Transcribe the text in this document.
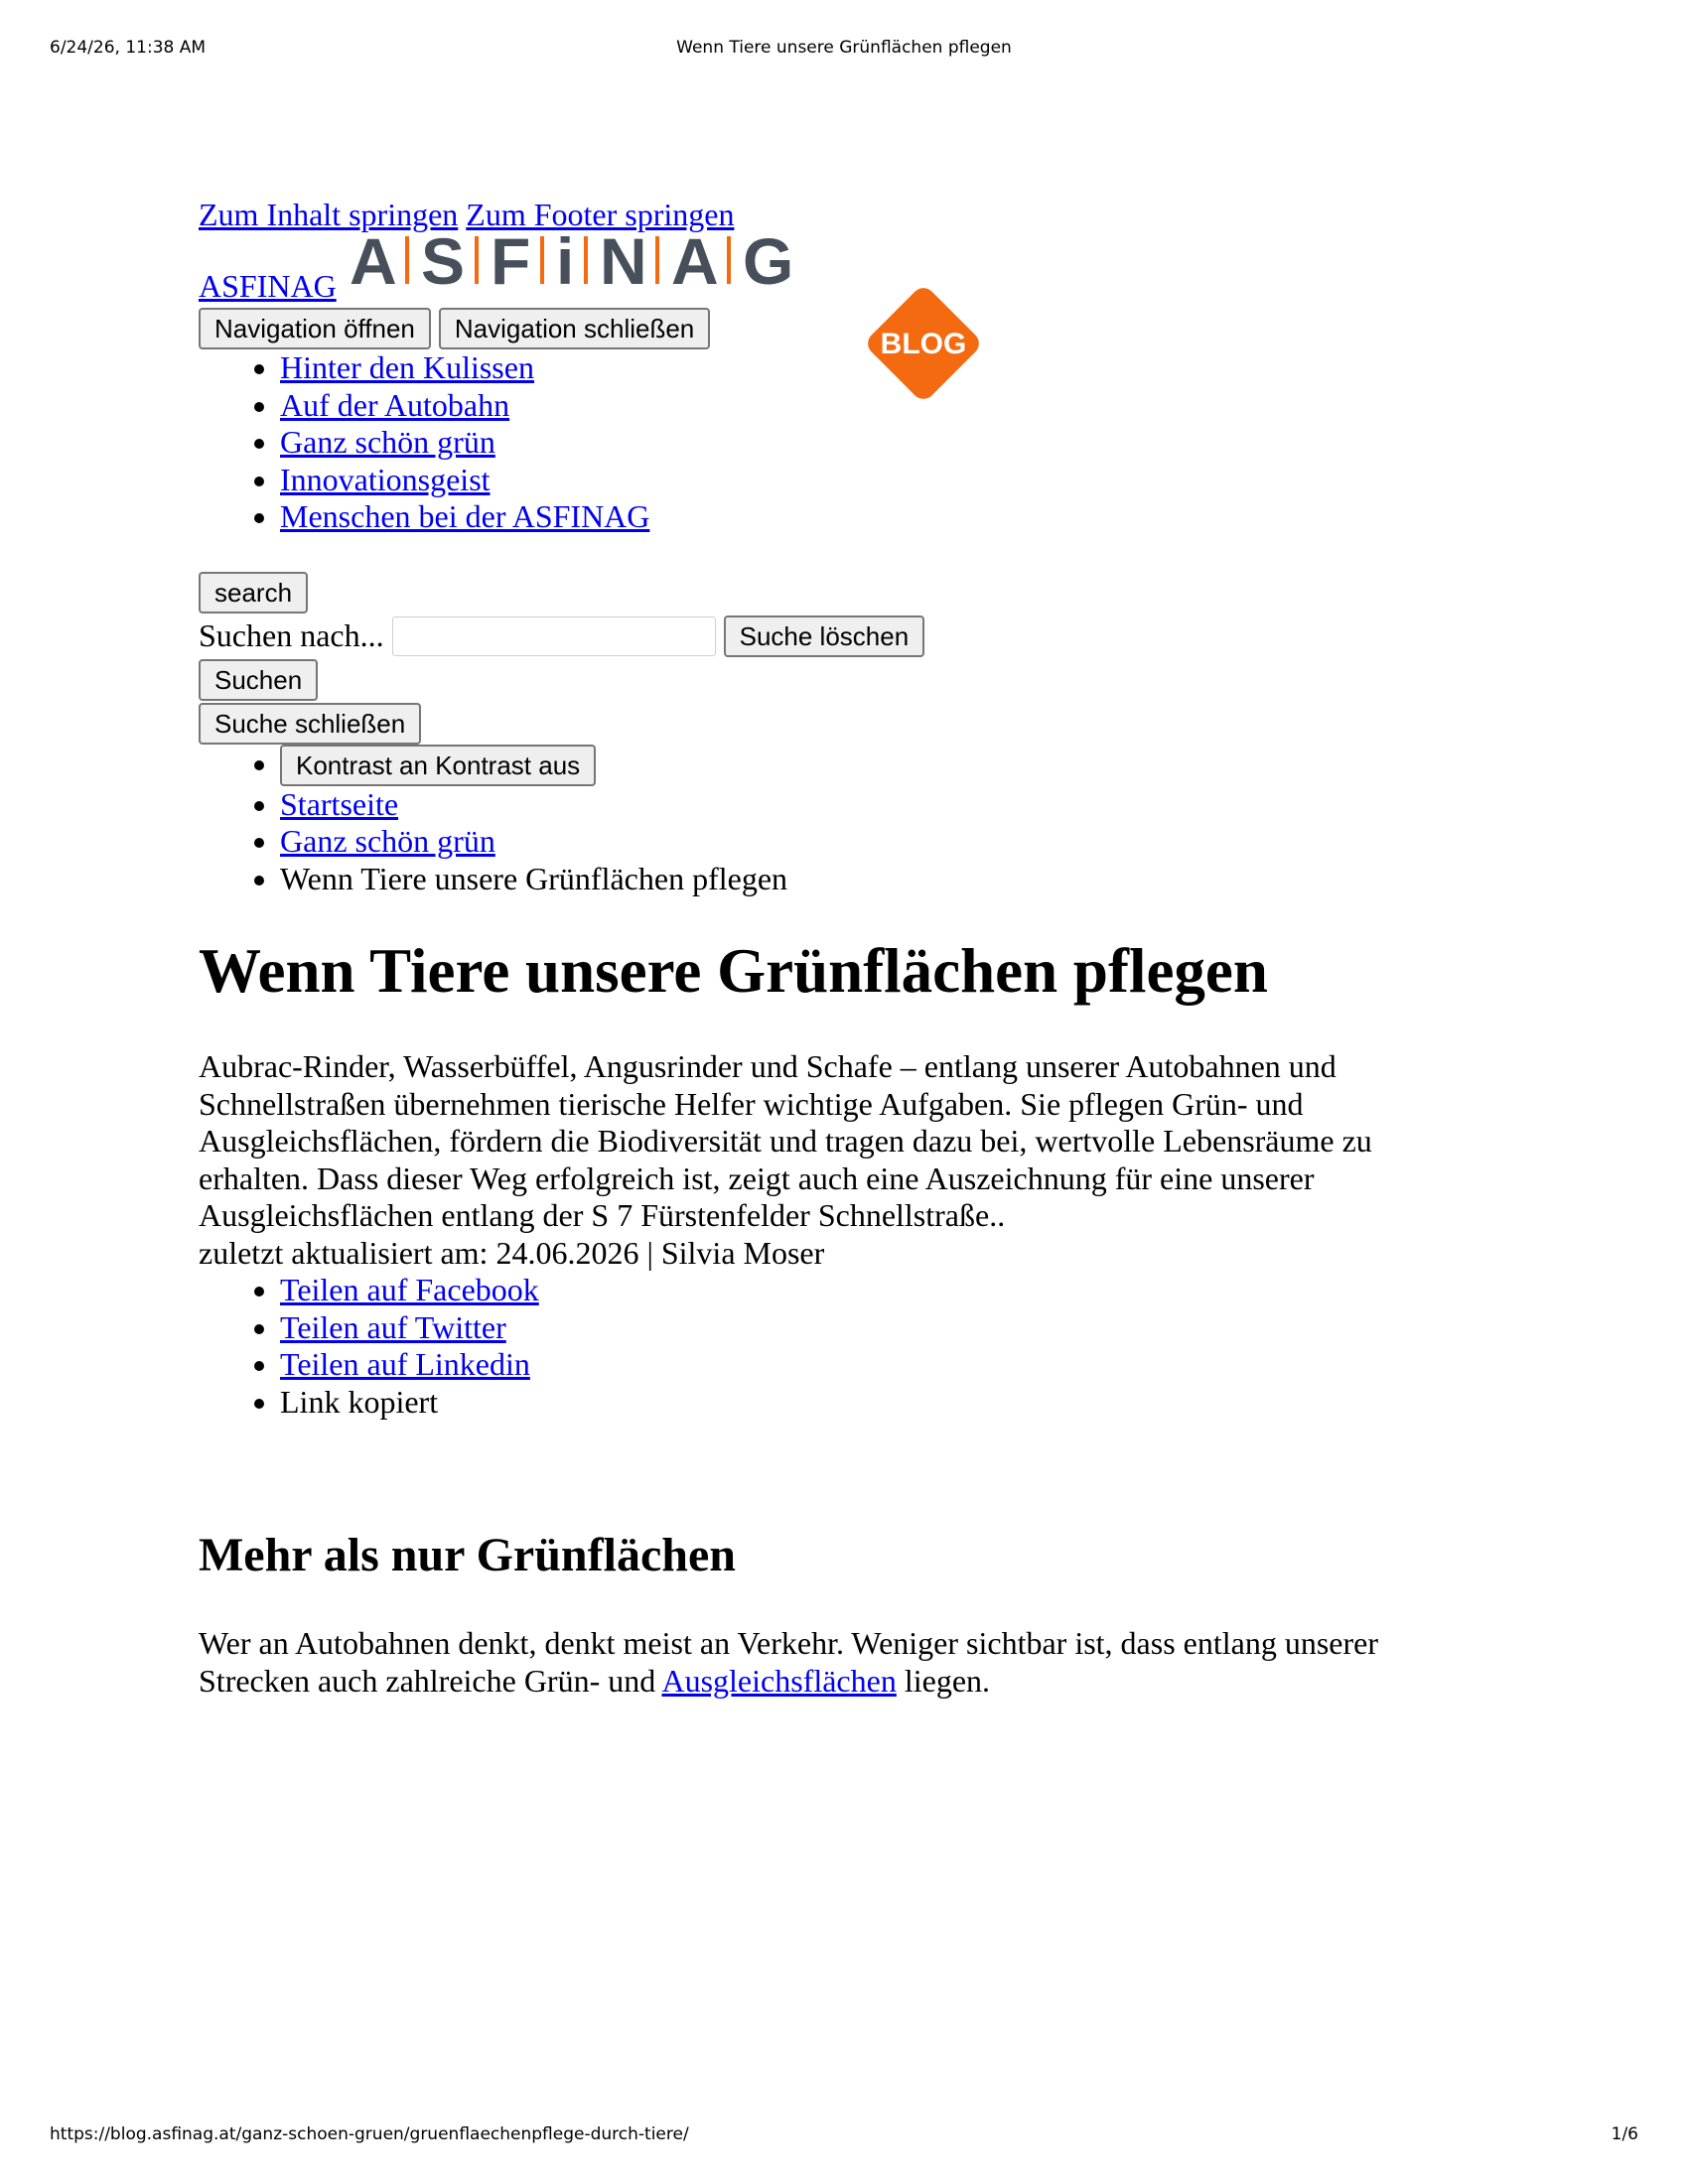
6/24/26, 11:38 AM	Wenn Tiere unsere Grünflächen pflegen
Zum Inhalt springen Zum Footer springen
A S F i N A G
BLOG
ASFINAG
Navigation öffnen	Navigation schließen
• Hinter den Kulissen
• Auf der Autobahn
• Ganz schön grün
• Innovationsgeist
• Menschen bei der ASFINAG
search
Suchen nach...	Suche löschen
Suchen
Suche schließen
• Kontrast an Kontrast aus
• Startseite
• Ganz schön grün
• Wenn Tiere unsere Grünflächen pflegen
Wenn Tiere unsere Grünflächen pflegen

Aubrac-Rinder, Wasserbüffel, Angusrinder und Schafe – entlang unserer Autobahnen und Schnellstraßen übernehmen tierische Helfer wichtige Aufgaben. Sie pflegen Grün- und Ausgleichsflächen, fördern die Biodiversität und tragen dazu bei, wertvolle Lebensräume zu erhalten. Dass dieser Weg erfolgreich ist, zeigt auch eine Auszeichnung für eine unserer Ausgleichsflächen entlang der S 7 Fürstenfelder Schnellstraße..

zuletzt aktualisiert am: 24.06.2026 | Silvia Moser
• Teilen auf Facebook
• Teilen auf Twitter
• Teilen auf Linkedin
• Link kopiert
Mehr als nur Grünflächen

Wer an Autobahnen denkt, denkt meist an Verkehr. Weniger sichtbar ist, dass entlang unserer Strecken auch zahlreiche Grün- und Ausgleichsflächen liegen.

https://blog.asfinag.at/ganz-schoen-gruen/gruenflaechenpflege-durch-tiere/	1/6
